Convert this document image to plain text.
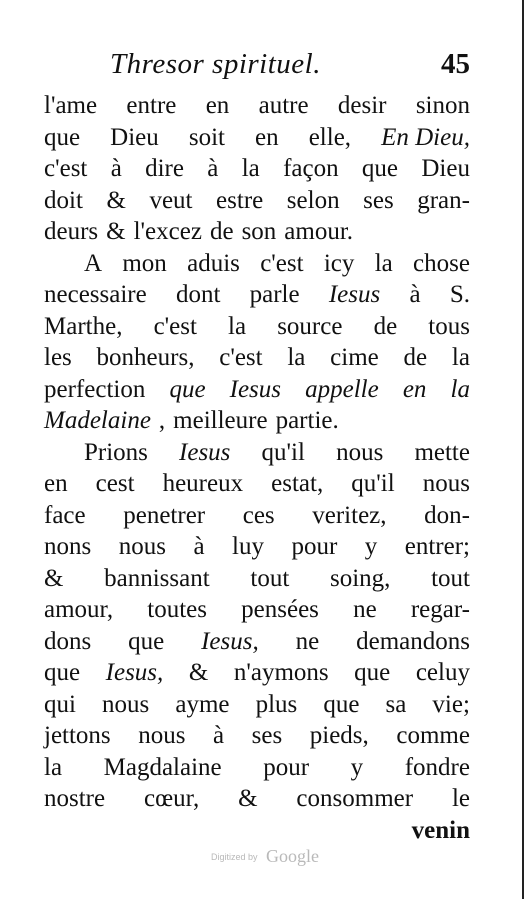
Thresor spirituel.	45
l'ame entre en autre desir sinon
que Dieu soit en elle, En Dieu,
c'est à dire à la façon que Dieu
doit & veut estre selon ses gran-
deurs & l'excez de son amour.
A mon aduis c'est icy la chose
necessaire dont parle Iesus à S.
Marthe, c'est la source de tous
les bonheurs, c'est la cime de la
perfection que Iesus appelle en la
Madelaine , meilleure partie.
Prions Iesus qu'il nous mette
en cest heureux estat, qu'il nous
face penetrer ces veritez, don-
nons nous à luy pour y entrer;
& bannissant tout soing, tout
amour, toutes pensées ne regar-
dons que Iesus, ne demandons
que Iesus, & n'aymons que celuy
qui nous ayme plus que sa vie;
jettons nous à ses pieds, comme
la Magdalaine pour y fondre
nostre cœur, & consommer le
venin
Digitized by Google
